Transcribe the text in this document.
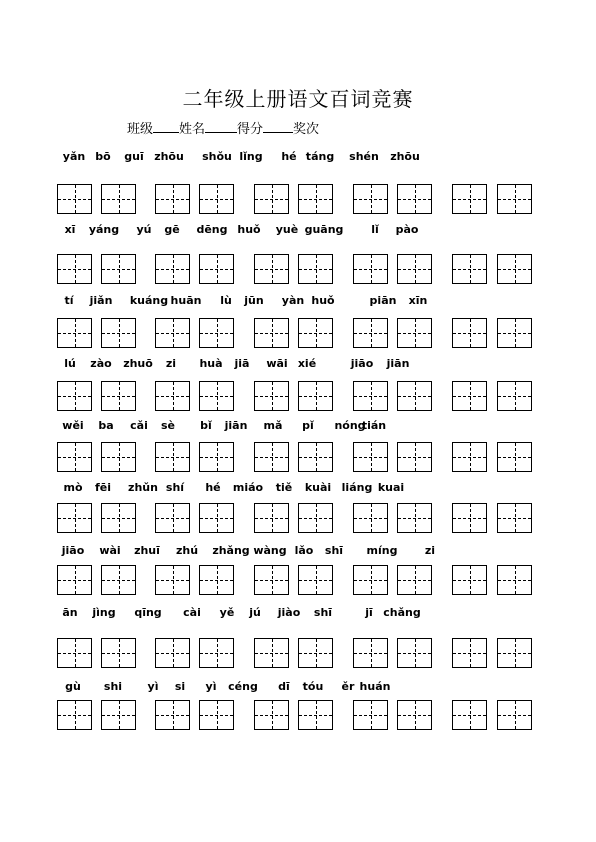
二年级上册语文百词竞赛
班级 姓名 得分 奖次
yǎn bō guī zhōu shǒu lǐng hé táng shén zhōu
xī yáng yú gē dēng huǒ yuè guāng	lǐ pào
tí jiǎn kuáng huān lù jūn yàn huǒ	piān xīn
lú zào zhuō zi huà jiā wāi xié	jiāo jiān
wěi ba cǎi sè bǐ jiān mǎ pǐ nóng
tián
mò fēi zhǔn shí hé miáo tiě kuài liáng kuai
jiāo wài zhuī zhú zhǎng wàng lǎo shī míng zi
ān jìng qīng cài yě jú jiào shī	jī chǎng
gù shi yì si yì céng dī tóu ěr huán
